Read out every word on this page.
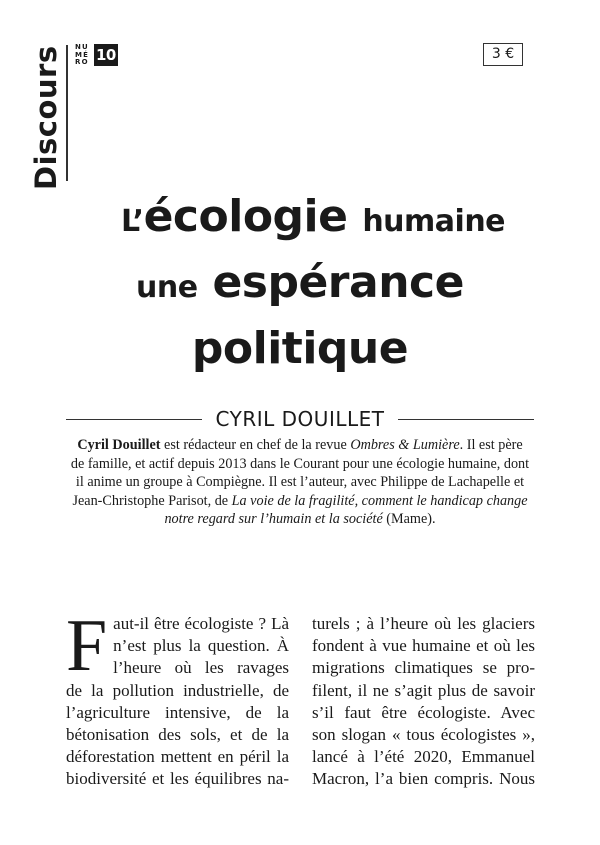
Discours NU
MÉ
RO 10	3 €
L’écologie humaine
une espérance
politique
CYRIL DOUILLET
Cyril Douillet est rédacteur en chef de la revue Ombres & Lumière. Il est père de famille, et actif depuis 2013 dans le Courant pour une écologie humaine, dont il anime un groupe à Compiègne. Il est l’auteur, avec Philippe de Lachapelle et Jean-Christophe Parisot, de La voie de la fragilité, comment le handicap change notre regard sur l’humain et la société (Mame).
F aut-il être écologiste ? Là
n’est plus la question. À
l’heure où les ravages
de la pollution industrielle, de
l’agriculture intensive, de la
bétonisation des sols, et de la
déforestation mettent en péril la
biodiversité et les équilibres na-
turels ; à l’heure où les glaciers
fondent à vue humaine et où les
migrations climatiques se pro-
filent, il ne s’agit plus de savoir
s’il faut être écologiste. Avec
son slogan « tous écologistes »,
lancé à l’été 2020, Emmanuel
Macron, l’a bien compris. Nous
